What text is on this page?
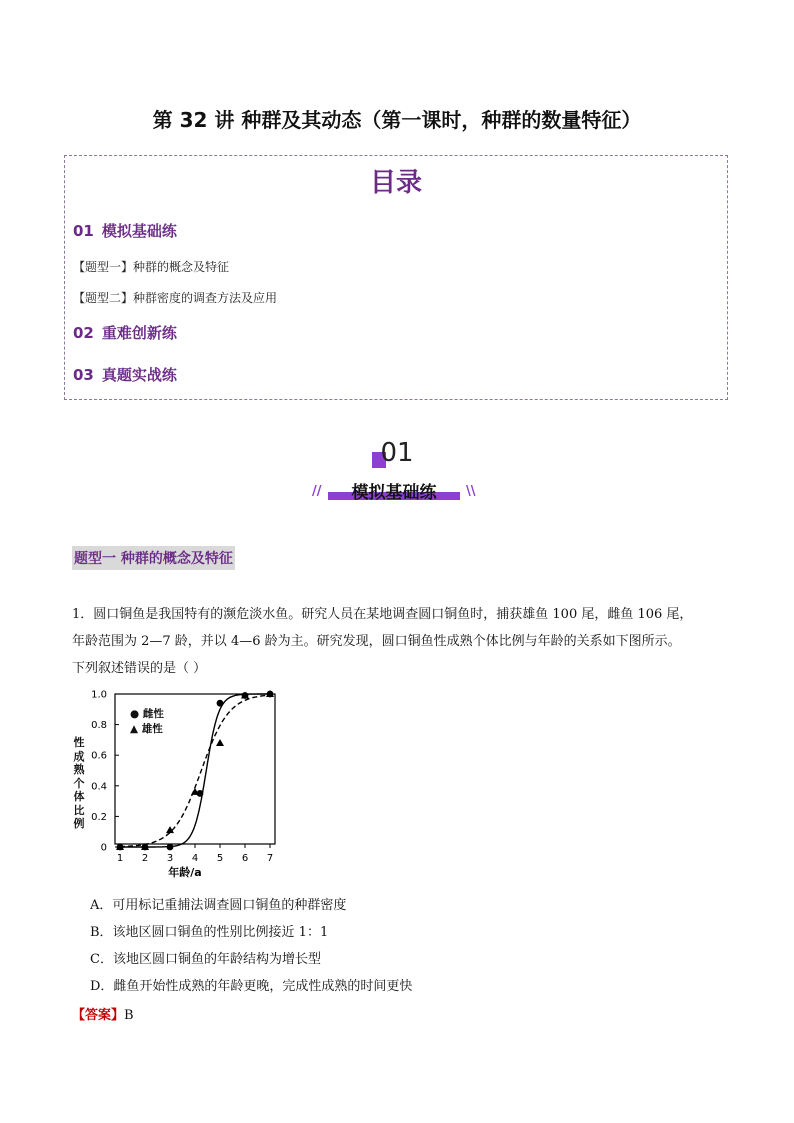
第 32 讲 种群及其动态（第一课时，种群的数量特征）
目录
01 模拟基础练
【题型一】种群的概念及特征
【题型二】种群密度的调查方法及应用
02 重难创新练
03 真题实战练
01
//	模拟基础练	\\
题型一 种群的概念及特征
1．圆口铜鱼是我国特有的濒危淡水鱼。研究人员在某地调查圆口铜鱼时，捕获雄鱼 100 尾，雌鱼 106 尾，
年龄范围为 2—7 龄，并以 4—6 龄为主。研究发现，圆口铜鱼性成熟个体比例与年龄的关系如下图所示。
下列叙述错误的是（ ）
性成熟个体比例
0
0.2
0.4
0.6
0.8
1.0
1 2 3 4 5 6 7
年龄/a
● 雌性
▲ 雄性
A．可用标记重捕法调查圆口铜鱼的种群密度
B．该地区圆口铜鱼的性别比例接近 1：1
C．该地区圆口铜鱼的年龄结构为增长型
D．雌鱼开始性成熟的年龄更晚，完成性成熟的时间更快
【答案】B
